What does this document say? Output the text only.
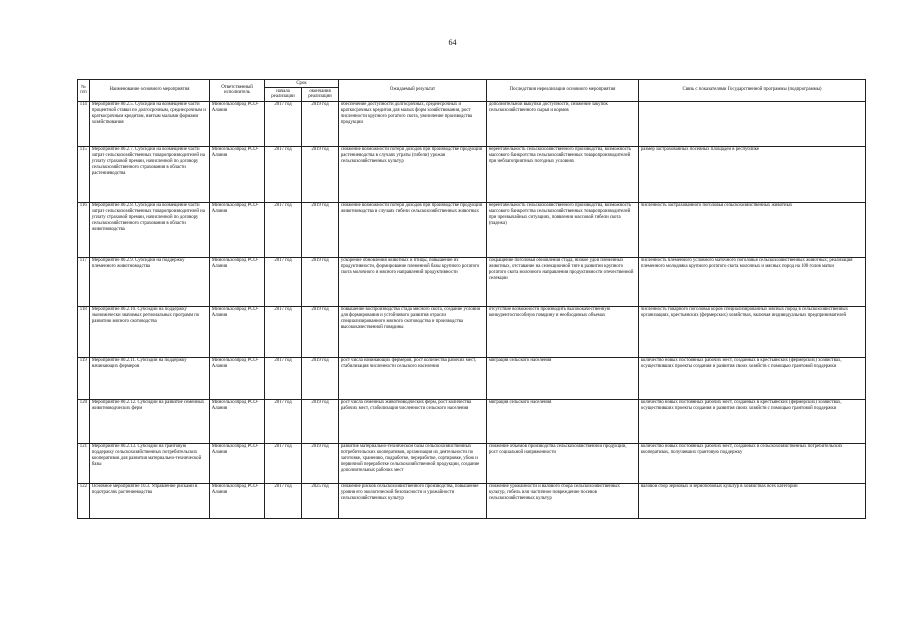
64
№ п/п	Наименование основного мероприятия	Ответственный исполнитель	Срок		Ожидаемый результат	Последствия нереализации основного мероприятия	Связь с показателями Государственной программы (подпрограммы)
			начала реализации	окончания реализации			
114	Мероприятие 80.2.5. Субсидии на возмещение части процентной ставки по долгосрочным, среднесрочным и краткосрочным кредитам, взятым малыми формами хозяйствования	Минсельхозпрод РСО-Алания	2017 год	2019 год	обеспечение доступности долгосрочных, среднесрочных и краткосрочных кредитов для малых форм хозяйствования, рост численности крупного рогатого скота, увеличение производства продукции	дополнительной выкупки доступности, снижение закупок сельскохозяйственного сырья и кормов	
115	Мероприятие 80.2.7. Субсидии на возмещение части затрат сельскохозяйственных товаропроизводителей на уплату страховой премии, начисленной по договору сельскохозяйственного страхования в области растениеводства	Минсельхозпрод РСО-Алания	2017 год	2019 год	снижение возможности потери доходов при производстве продукции растениеводства в случаях утраты (гибели) урожая сельскохозяйственных культур	нерентабельность сельскохозяйственного производства, возможность массового банкротства сельскохозяйственных товаропроизводителей при неблагоприятных погодных условиях	размер застрахованных посевных площадей в республике
116	Мероприятие 80.2.8. Субсидии на возмещение части затрат сельскохозяйственных товаропроизводителей на уплату страховой премии, начисленной по договору сельскохозяйственного страхования в области животноводства	Минсельхозпрод РСО-Алания	2017 год	2019 год	снижение возможности потери доходов при производстве продукции животноводства в случаях гибели сельскохозяйственных животных	нерентабельность сельскохозяйственного производства, возможность массового банкротства сельскохозяйственных товаропроизводителей при чрезвычайных ситуациях, появлении массовой гибели скота (падежа)	численность застрахованного поголовья сельскохозяйственных животных
117	Мероприятие 80.2.9. Субсидии на поддержку племенного животноводства	Минсельхозпрод РСО-Алания	2017 год	2019 год	ускорение обновления животных и птицы, повышение их продуктивности, формирование племенной базы крупного рогатого скота молочного и мясного направлений продуктивности	сокращение поголовья обновления стада, низкое удои племенных животных, отставание на селекционной тяге в развитии крупного рогатого скота молочного направления продуктивности отечественной селекции	численность племенного условного маточного поголовья сельскохозяйственных животных; реализация племенного молодняка крупного рогатого скота молочных и мясных пород на 100 голов матки
118	Мероприятие 80.2.10. Субсидии на поддержку экономически значимых региональных программ по развитию мясного скотоводства	Минсельхозпрод РСО-Алания	2017 год	2019 год	повышение воспроизводства стада мясного скота, создание условий для формирования и устойчивого развития отрасли специализированного мясного скотоводства и производства высококачественной говядины	отсутствие возможности производить высококачественную конкурентоспособную говядину и необходимых объемах	численность товарного поголовья коров специализированных мясных пород в сельскохозяйственных организациях, крестьянских (фермерских) хозяйствах, включая индивидуальных предпринимателей
119	Мероприятие 80.2.11. Субсидии на поддержку начинающих фермеров	Минсельхозпрод РСО-Алания	2017 год	2019 год	рост числа начинающих фермеров, рост количества рабочих мест, стабилизация численности сельского населения	миграция сельского населения	количество новых постоянных рабочих мест, созданных в крестьянских (фермерских) хозяйствах, осуществивших проекты создания и развития своих хозяйств с помощью грантовой поддержки
120	Мероприятие 80.2.12. Субсидии на развитие семейных животноводческих ферм	Минсельхозпрод РСО-Алания	2017 год	2019 год	рост числа семейных животноводческих ферм, рост количества рабочих мест, стабилизация численности сельского населения	миграция сельского населения	количество новых постоянных рабочих мест, созданных в крестьянских (фермерских) хозяйствах, осуществивших проекты создания и развития своих хозяйств с помощью грантовой поддержки
121	Мероприятие 80.2.13. Субсидии на грантовую поддержку сельскохозяйственных потребительских кооперативов для развития материально-технической базы	Минсельхозпрод РСО-Алания	2017 год	2019 год	развитие материально-технической базы сельскохозяйственных потребительских кооперативов, организация их деятельности по заготовке, хранению, подработке, переработке, сортировке, убою и первичной переработке сельскохозяйственной продукции, создание дополнительных рабочих мест	снижение объемов производства сельскохозяйственной продукции, рост социальной напряженности	количество новых постоянных рабочих мест, созданных в сельскохозяйственных потребительских кооперативах, получивших грантовую поддержку
122	Основное мероприятие 10.3. Управление рисками в подотраслях растениеводства	Минсельхозпрод РСО-Алания	2017 год	2025 год	снижение рисков сельскохозяйственного производства, повышение уровня его экологической безопасности и урожайности сельскохозяйственных культур	снижение урожайности и валового сбора сельскохозяйственных культур, гибель или частичное повреждение посевов сельскохозяйственных культур	валовой сбор зерновых и зернобобовых культур в хозяйствах всех категорий
